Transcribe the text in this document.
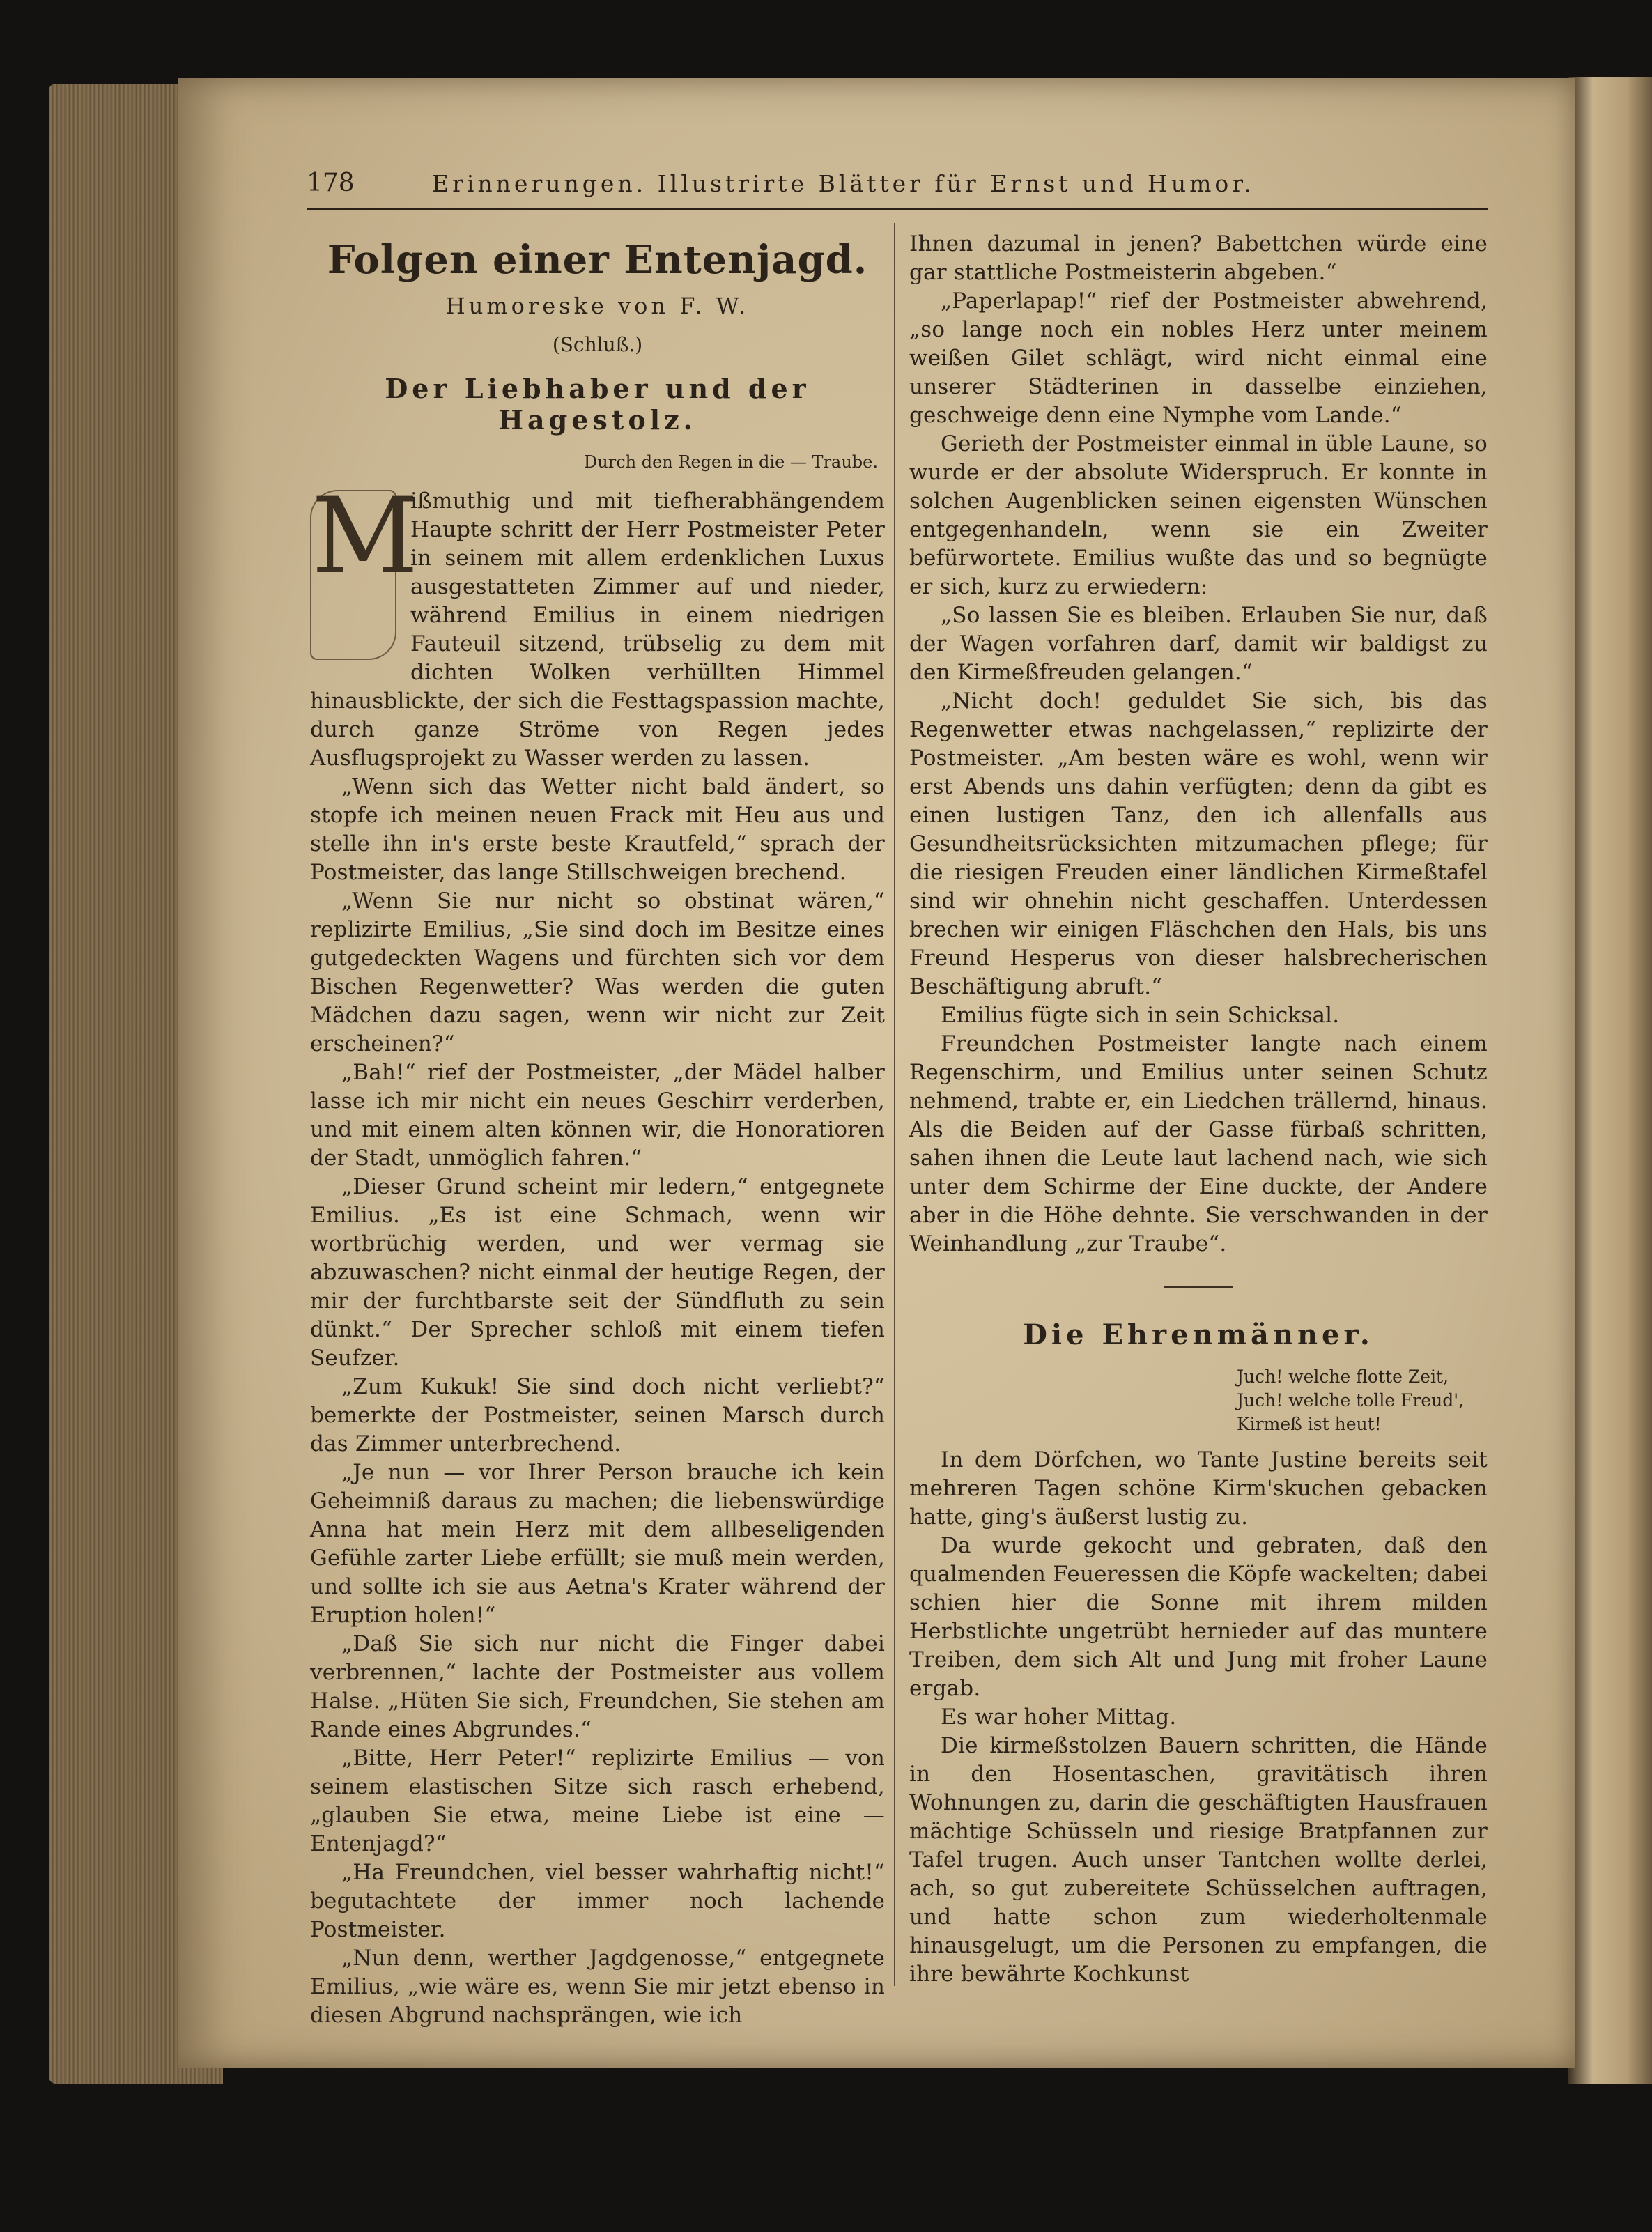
178	Erinnerungen. Illustrirte Blätter für Ernst und Humor.
Folgen einer Entenjagd.
Humoreske von F. W.
(Schluß.)
Der Liebhaber und der Hagestolz.
Durch den Regen in die — Traube.

M
ißmuthig und mit tiefherabhängendem Haupte schritt der Herr Postmeister Peter in seinem mit allem erdenklichen Luxus ausgestatteten Zimmer auf und nieder, während Emilius in einem niedrigen Fauteuil sitzend, trübselig zu dem mit dichten Wolken verhüllten Himmel hinausblickte, der sich die Festtagspassion machte, durch ganze Ströme von Regen jedes Ausflugsprojekt zu Wasser werden zu lassen.

„Wenn sich das Wetter nicht bald ändert, so stopfe ich meinen neuen Frack mit Heu aus und stelle ihn in's erste beste Krautfeld,“ sprach der Postmeister, das lange Stillschweigen brechend.

„Wenn Sie nur nicht so obstinat wären,“ replizirte Emilius, „Sie sind doch im Besitze eines gutgedeckten Wagens und fürchten sich vor dem Bischen Regenwetter? Was werden die guten Mädchen dazu sagen, wenn wir nicht zur Zeit erscheinen?“

„Bah!“ rief der Postmeister, „der Mädel halber lasse ich mir nicht ein neues Geschirr verderben, und mit einem alten können wir, die Honoratioren der Stadt, unmöglich fahren.“

„Dieser Grund scheint mir ledern,“ entgegnete Emilius. „Es ist eine Schmach, wenn wir wortbrüchig werden, und wer vermag sie abzuwaschen? nicht einmal der heutige Regen, der mir der furchtbarste seit der Sündfluth zu sein dünkt.“ Der Sprecher schloß mit einem tiefen Seufzer.

„Zum Kukuk! Sie sind doch nicht verliebt?“ bemerkte der Postmeister, seinen Marsch durch das Zimmer unterbrechend.

„Je nun — vor Ihrer Person brauche ich kein Geheimniß daraus zu machen; die liebenswürdige Anna hat mein Herz mit dem allbeseligenden Gefühle zarter Liebe erfüllt; sie muß mein werden, und sollte ich sie aus Aetna's Krater während der Eruption holen!“

„Daß Sie sich nur nicht die Finger dabei verbrennen,“ lachte der Postmeister aus vollem Halse. „Hüten Sie sich, Freundchen, Sie stehen am Rande eines Abgrundes.“

„Bitte, Herr Peter!“ replizirte Emilius — von seinem elastischen Sitze sich rasch erhebend, „glauben Sie etwa, meine Liebe ist eine — Entenjagd?“

„Ha Freundchen, viel besser wahrhaftig nicht!“ begutachtete der immer noch lachende Postmeister.

„Nun denn, werther Jagdgenosse,“ entgegnete Emilius, „wie wäre es, wenn Sie mir jetzt ebenso in diesen Abgrund nachsprängen, wie ich

Ihnen dazumal in jenen? Babettchen würde eine gar stattliche Postmeisterin abgeben.“

„Paperlapap!“ rief der Postmeister abwehrend, „so lange noch ein nobles Herz unter meinem weißen Gilet schlägt, wird nicht einmal eine unserer Städterinen in dasselbe einziehen, geschweige denn eine Nymphe vom Lande.“

Gerieth der Postmeister einmal in üble Laune, so wurde er der absolute Widerspruch. Er konnte in solchen Augenblicken seinen eigensten Wünschen entgegenhandeln, wenn sie ein Zweiter befürwortete. Emilius wußte das und so begnügte er sich, kurz zu erwiedern:

„So lassen Sie es bleiben. Erlauben Sie nur, daß der Wagen vorfahren darf, damit wir baldigst zu den Kirmeßfreuden gelangen.“

„Nicht doch! geduldet Sie sich, bis das Regenwetter etwas nachgelassen,“ replizirte der Postmeister. „Am besten wäre es wohl, wenn wir erst Abends uns dahin verfügten; denn da gibt es einen lustigen Tanz, den ich allenfalls aus Gesundheitsrücksichten mitzumachen pflege; für die riesigen Freuden einer ländlichen Kirmeßtafel sind wir ohnehin nicht geschaffen. Unterdessen brechen wir einigen Fläschchen den Hals, bis uns Freund Hesperus von dieser halsbrecherischen Beschäftigung abruft.“

Emilius fügte sich in sein Schicksal.

Freundchen Postmeister langte nach einem Regenschirm, und Emilius unter seinen Schutz nehmend, trabte er, ein Liedchen trällernd, hinaus. Als die Beiden auf der Gasse fürbaß schritten, sahen ihnen die Leute laut lachend nach, wie sich unter dem Schirme der Eine duckte, der Andere aber in die Höhe dehnte. Sie verschwanden in der Weinhandlung „zur Traube“.

Die Ehrenmänner.
Juch! welche flotte Zeit,
Juch! welche tolle Freud',
Kirmeß ist heut!

In dem Dörfchen, wo Tante Justine bereits seit mehreren Tagen schöne Kirm'skuchen gebacken hatte, ging's äußerst lustig zu.

Da wurde gekocht und gebraten, daß den qualmenden Feueressen die Köpfe wackelten; dabei schien hier die Sonne mit ihrem milden Herbstlichte ungetrübt hernieder auf das muntere Treiben, dem sich Alt und Jung mit froher Laune ergab.

Es war hoher Mittag.

Die kirmeßstolzen Bauern schritten, die Hände in den Hosentaschen, gravitätisch ihren Wohnungen zu, darin die geschäftigten Hausfrauen mächtige Schüsseln und riesige Bratpfannen zur Tafel trugen. Auch unser Tantchen wollte derlei, ach, so gut zubereitete Schüsselchen auftragen, und hatte schon zum wiederholtenmale hinausgelugt, um die Personen zu empfangen, die ihre bewährte Kochkunst
